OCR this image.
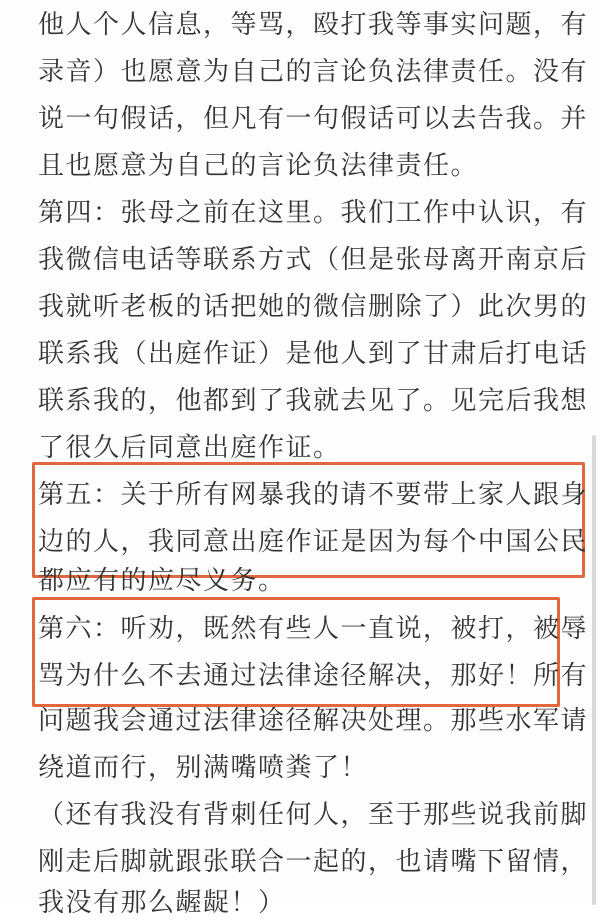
他人个人信息，等骂，殴打我等事实问题，有
录音）也愿意为自己的言论负法律责任。没有
说一句假话，但凡有一句假话可以去告我。并
且也愿意为自己的言论负法律责任。
第四：张母之前在这里。我们工作中认识，有
我微信电话等联系方式（但是张母离开南京后
我就听老板的话把她的微信删除了）此次男的
联系我（出庭作证）是他人到了甘肃后打电话
联系我的，他都到了我就去见了。见完后我想
了很久后同意出庭作证。
第五：关于所有网暴我的请不要带上家人跟身
边的人，我同意出庭作证是因为每个中国公民
都应有的应尽义务。
第六：听劝，既然有些人一直说，被打，被辱
骂为什么不去通过法律途径解决，那好！所有
问题我会通过法律途径解决处理。那些水军请
绕道而行，别满嘴喷粪了！
（还有我没有背刺任何人，至于那些说我前脚
刚走后脚就跟张联合一起的，也请嘴下留情，
我没有那么龌龊！）
